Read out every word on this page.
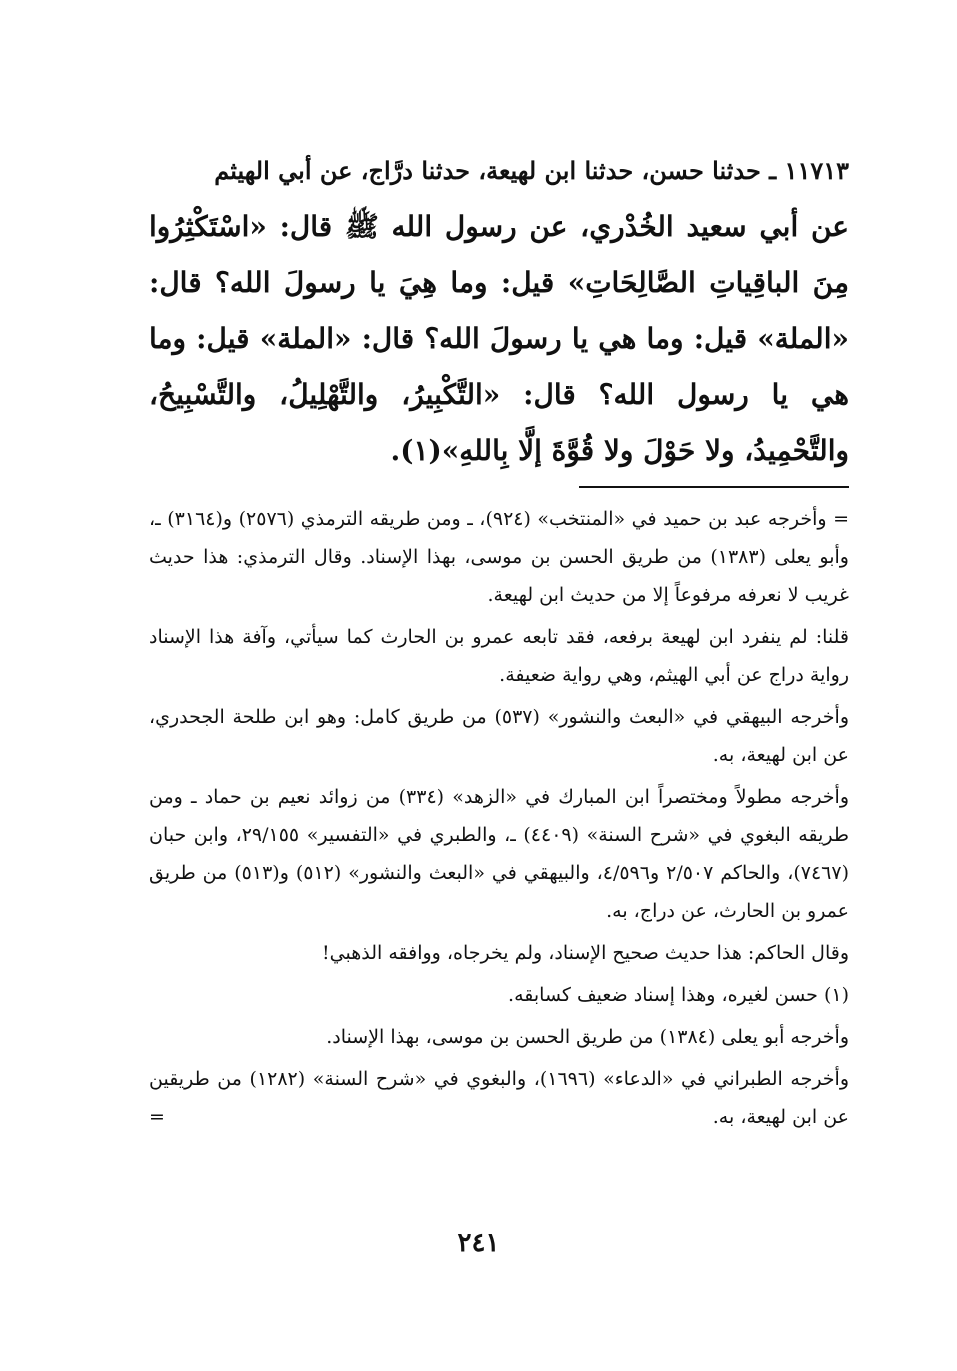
١١٧١٣ ـ حدثنا حسن، حدثنا ابن لهيعة، حدثنا درَّاج، عن أبي الهيثم

عن أبي سعيد الخُدْري، عن رسول الله ﷺ قال: «اسْتَكْثِرُوا مِنَ الباقِياتِ الصَّالِحَاتِ» قيل: وما هِيَ يا رسولَ الله؟ قال: «الملة» قيل: وما هي يا رسولَ الله؟ قال: «الملة» قيل: وما هي يا رسول الله؟ قال: «التَّكْبِيرُ، والتَّهْلِيلُ، والتَّسْبِيحُ، والتَّحْمِيدُ، ولا حَوْلَ ولا قُوَّةَ إلَّا بِاللهِ»(١).

= وأخرجه عبد بن حميد في «المنتخب» (٩٢٤)، ـ ومن طريقه الترمذي (٢٥٧٦) و(٣١٦٤) ـ، وأبو يعلى (١٣٨٣) من طريق الحسن بن موسى، بهذا الإسناد. وقال الترمذي: هذا حديث غريب لا نعرفه مرفوعاً إلا من حديث ابن لهيعة.

قلنا: لم ينفرد ابن لهيعة برفعه، فقد تابعه عمرو بن الحارث كما سيأتي، وآفة هذا الإسناد رواية دراج عن أبي الهيثم، وهي رواية ضعيفة.

وأخرجه البيهقي في «البعث والنشور» (٥٣٧) من طريق كامل: وهو ابن طلحة الجحدري، عن ابن لهيعة، به.

وأخرجه مطولاً ومختصراً ابن المبارك في «الزهد» (٣٣٤) من زوائد نعيم بن حماد ـ ومن طريقه البغوي في «شرح السنة» (٤٤٠٩) ـ، والطبري في «التفسير» ٢٩/١٥٥، وابن حبان (٧٤٦٧)، والحاكم ٢/٥٠٧ و٤/٥٩٦، والبيهقي في «البعث والنشور» (٥١٢) و(٥١٣) من طريق عمرو بن الحارث، عن دراج، به.

وقال الحاكم: هذا حديث صحيح الإسناد، ولم يخرجاه، ووافقه الذهبي!

(١) حسن لغيره، وهذا إسناد ضعيف كسابقه.

وأخرجه أبو يعلى (١٣٨٤) من طريق الحسن بن موسى، بهذا الإسناد.

وأخرجه الطبراني في «الدعاء» (١٦٩٦)، والبغوي في «شرح السنة» (١٢٨٢) من طريقين عن ابن لهيعة، به.
=

٢٤١
